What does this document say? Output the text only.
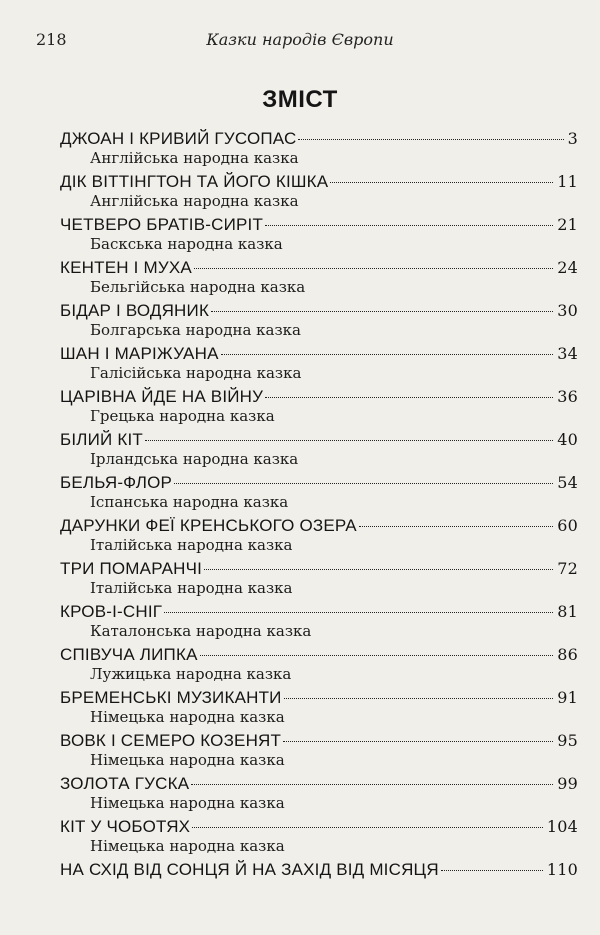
218	Казки народів Європи
ЗМІСТ
ДЖОАН І КРИВИЙ ГУСОПАС	3
Англійська народна казка
ДІК ВІТТІНГТОН ТА ЙОГО КІШКА	11
Англійська народна казка
ЧЕТВЕРО БРАТІВ-СИРІТ	21
Баскська народна казка
КЕНТЕН І МУХА	24
Бельгійська народна казка
БІДАР І ВОДЯНИК	30
Болгарська народна казка
ШАН І МАРІЖУАНА	34
Галісійська народна казка
ЦАРІВНА ЙДЕ НА ВІЙНУ	36
Грецька народна казка
БІЛИЙ КІТ	40
Ірландська народна казка
БЕЛЬЯ-ФЛОР	54
Іспанська народна казка
ДАРУНКИ ФЕЇ КРЕНСЬКОГО ОЗЕРА	60
Італійська народна казка
ТРИ ПОМАРАНЧІ	72
Італійська народна казка
КРОВ-І-СНІГ	81
Каталонська народна казка
СПІВУЧА ЛИПКА	86
Лужицька народна казка
БРЕМЕНСЬКІ МУЗИКАНТИ	91
Німецька народна казка
ВОВК І СЕМЕРО КОЗЕНЯТ	95
Німецька народна казка
ЗОЛОТА ГУСКА	99
Німецька народна казка
КІТ У ЧОБОТЯХ	104
Німецька народна казка
НА СХІД ВІД СОНЦЯ Й НА ЗАХІД ВІД МІСЯЦЯ	110
